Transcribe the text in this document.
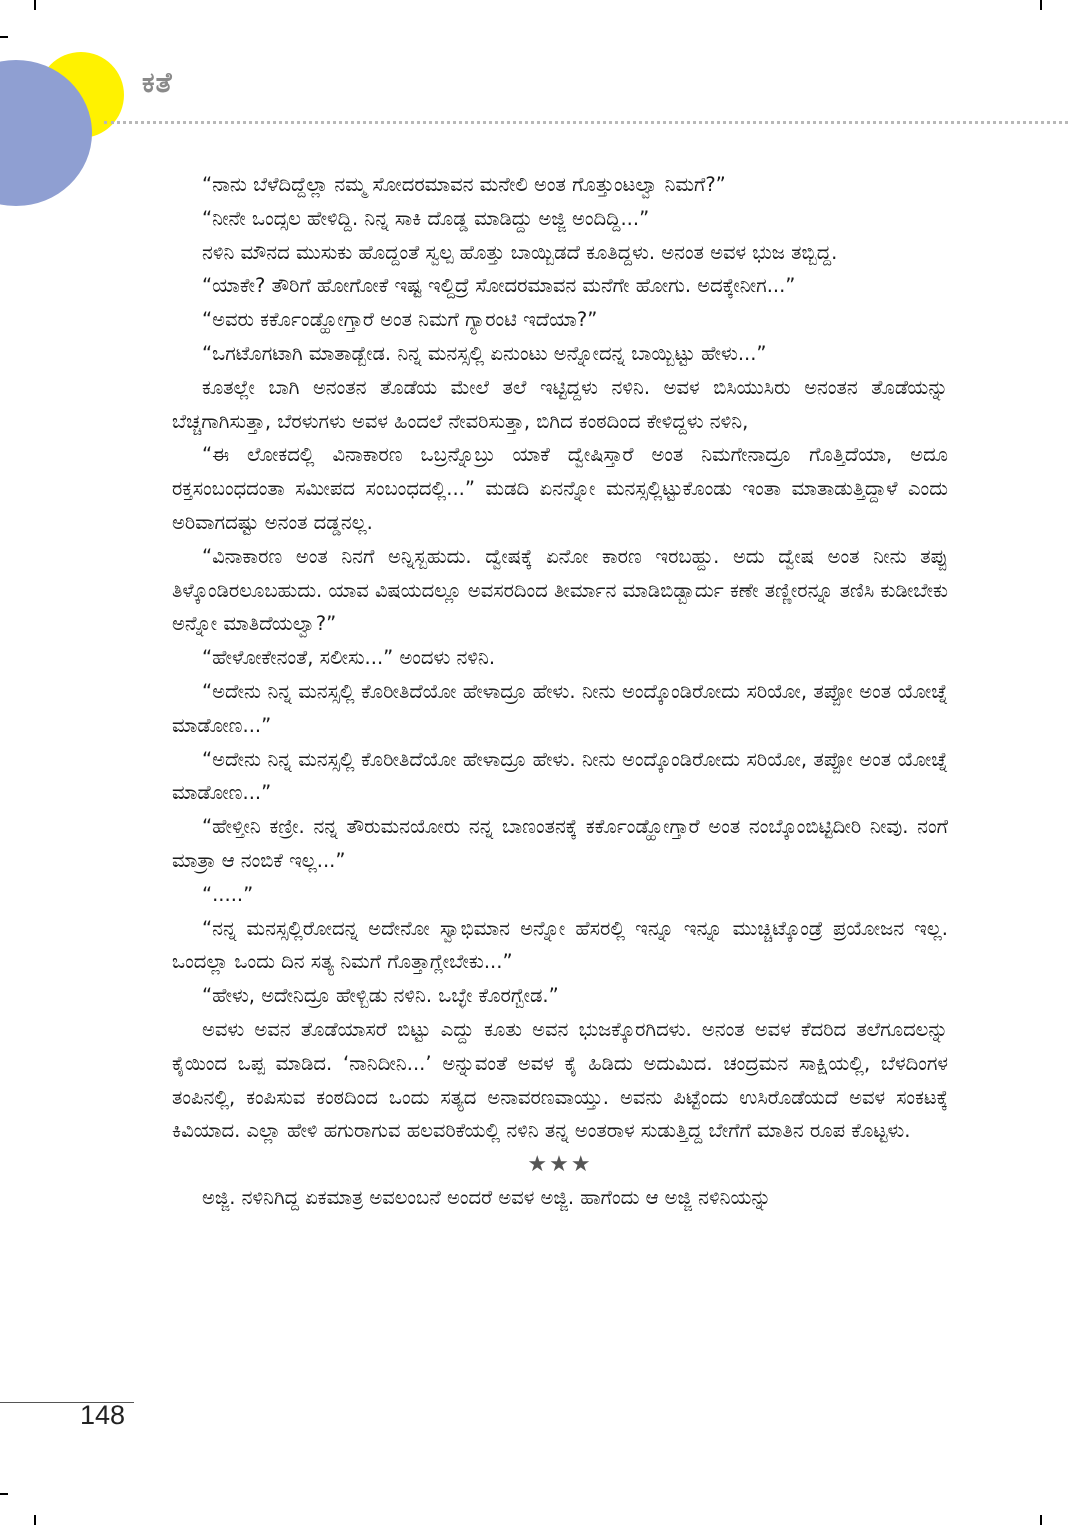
ಕತೆ

“ನಾನು ಬೆಳೆದಿದ್ದೆಲ್ಲಾ ನಮ್ಮ ಸೋದರಮಾವನ ಮನೇಲಿ ಅಂತ ಗೊತ್ತುಂಟಲ್ವಾ ನಿಮಗೆ?”

“ನೀನೇ ಒಂದ್ಸಲ ಹೇಳಿದ್ದಿ. ನಿನ್ನ ಸಾಕಿ ದೊಡ್ಡ ಮಾಡಿದ್ದು ಅಜ್ಜಿ ಅಂದಿದ್ದಿ...”

ನಳಿನಿ ಮೌನದ ಮುಸುಕು ಹೊದ್ದಂತೆ ಸ್ವಲ್ಪ ಹೊತ್ತು ಬಾಯ್ಬಿಡದೆ ಕೂತಿದ್ದಳು. ಅನಂತ ಅವಳ ಭುಜ ತಬ್ಬಿದ್ದ.

“ಯಾಕೇ? ತೌರಿಗೆ ಹೋಗೋಕೆ ಇಷ್ಟ ಇಲ್ದಿದ್ರೆ ಸೋದರಮಾವನ ಮನೆಗೇ ಹೋಗು. ಅದಕ್ಕೇನೀಗ...”

“ಅವರು ಕರ್ಕೊಂಡ್ಹೋಗ್ತಾರೆ ಅಂತ ನಿಮಗೆ ಗ್ಯಾರಂಟಿ ಇದೆಯಾ?”

“ಒಗಟೊಗಟಾಗಿ ಮಾತಾಡ್ಬೇಡ. ನಿನ್ನ ಮನಸ್ಸಲ್ಲಿ ಏನುಂಟು ಅನ್ನೋದನ್ನ ಬಾಯ್ಬಿಟ್ಟು ಹೇಳು...”

ಕೂತಲ್ಲೇ ಬಾಗಿ ಅನಂತನ ತೊಡೆಯ ಮೇಲೆ ತಲೆ ಇಟ್ಟಿದ್ದಳು ನಳಿನಿ. ಅವಳ ಬಿಸಿಯುಸಿರು ಅನಂತನ ತೊಡೆಯನ್ನು ಬೆಚ್ಚಗಾಗಿಸುತ್ತಾ, ಬೆರಳುಗಳು ಅವಳ ಹಿಂದಲೆ ನೇವರಿಸುತ್ತಾ, ಬಿಗಿದ ಕಂಠದಿಂದ ಕೇಳಿದ್ದಳು ನಳಿನಿ,

“ಈ ಲೋಕದಲ್ಲಿ ವಿನಾಕಾರಣ ಒಬ್ರನ್ನೊಬ್ರು ಯಾಕೆ ದ್ವೇಷಿಸ್ತಾರೆ ಅಂತ ನಿಮಗೇನಾದ್ರೂ ಗೊತ್ತಿದೆಯಾ, ಅದೂ ರಕ್ತಸಂಬಂಧದಂತಾ ಸಮೀಪದ ಸಂಬಂಧದಲ್ಲಿ...” ಮಡದಿ ಏನನ್ನೋ ಮನಸ್ಸಲ್ಲಿಟ್ಟುಕೊಂಡು ಇಂತಾ ಮಾತಾಡುತ್ತಿದ್ದಾಳೆ ಎಂದು ಅರಿವಾಗದಷ್ಟು ಅನಂತ ದಡ್ಡನಲ್ಲ.

“ವಿನಾಕಾರಣ ಅಂತ ನಿನಗೆ ಅನ್ನಿಸ್ಬಹುದು. ದ್ವೇಷಕ್ಕೆ ಏನೋ ಕಾರಣ ಇರಬಹ್ದು. ಅದು ದ್ವೇಷ ಅಂತ ನೀನು ತಪ್ಪು ತಿಳ್ಕೊಂಡಿರಲೂಬಹುದು. ಯಾವ ವಿಷಯದಲ್ಲೂ ಅವಸರದಿಂದ ತೀರ್ಮಾನ ಮಾಡಿಬಿಡ್ಬಾರ್ದು ಕಣೇ ತಣ್ಣೀರನ್ನೂ ತಣಿಸಿ ಕುಡೀಬೇಕು ಅನ್ನೋ ಮಾತಿದೆಯಲ್ವಾ?”

“ಹೇಳೋಕೇನಂತೆ, ಸಲೀಸು...” ಅಂದಳು ನಳಿನಿ.

“ಅದೇನು ನಿನ್ನ ಮನಸ್ಸಲ್ಲಿ ಕೊರೀತಿದೆಯೋ ಹೇಳಾದ್ರೂ ಹೇಳು. ನೀನು ಅಂದ್ಕೊಂಡಿರೋದು ಸರಿಯೋ, ತಪ್ಪೋ ಅಂತ ಯೋಚ್ನೆ ಮಾಡೋಣ...”

“ಅದೇನು ನಿನ್ನ ಮನಸ್ಸಲ್ಲಿ ಕೊರೀತಿದೆಯೋ ಹೇಳಾದ್ರೂ ಹೇಳು. ನೀನು ಅಂದ್ಕೊಂಡಿರೋದು ಸರಿಯೋ, ತಪ್ಪೋ ಅಂತ ಯೋಚ್ನೆ ಮಾಡೋಣ...”

“ಹೇಳ್ತೀನಿ ಕಣ್ರೀ. ನನ್ನ ತೌರುಮನಯೋರು ನನ್ನ ಬಾಣಂತನಕ್ಕೆ ಕರ್ಕೊಂಡ್ಹೋಗ್ತಾರೆ ಅಂತ ನಂಬ್ಕೊಂಬಿಟ್ಟಿದೀರಿ ನೀವು. ನಂಗೆ ಮಾತ್ರಾ ಆ ನಂಬಿಕೆ ಇಲ್ಲ...”

“.....”

“ನನ್ನ ಮನಸ್ಸಲ್ಲಿರೋದನ್ನ ಅದೇನೋ ಸ್ವಾಭಿಮಾನ ಅನ್ನೋ ಹೆಸರಲ್ಲಿ ಇನ್ನೂ ಇನ್ನೂ ಮುಚ್ಚಿಟ್ಕೊಂಡ್ರೆ ಪ್ರಯೋಜನ ಇಲ್ಲ. ಒಂದಲ್ಲಾ ಒಂದು ದಿನ ಸತ್ಯ ನಿಮಗೆ ಗೊತ್ತಾಗ್ಲೇಬೇಕು...”

“ಹೇಳು, ಅದೇನಿದ್ರೂ ಹೇಳ್ಬಿಡು ನಳಿನಿ. ಒಬ್ಳೇ ಕೊರಗ್ಬೇಡ.”

ಅವಳು ಅವನ ತೊಡೆಯಾಸರೆ ಬಿಟ್ಟು ಎದ್ದು ಕೂತು ಅವನ ಭುಜಕ್ಕೊರಗಿದಳು. ಅನಂತ ಅವಳ ಕೆದರಿದ ತಲೆಗೂದಲನ್ನು ಕೈಯಿಂದ ಒಪ್ಪ ಮಾಡಿದ. ‘ನಾನಿದೀನಿ...’ ಅನ್ನುವಂತೆ ಅವಳ ಕೈ ಹಿಡಿದು ಅದುಮಿದ. ಚಂದ್ರಮನ ಸಾಕ್ಷಿಯಲ್ಲಿ, ಬೆಳದಿಂಗಳ ತಂಪಿನಲ್ಲಿ, ಕಂಪಿಸುವ ಕಂಠದಿಂದ ಒಂದು ಸತ್ಯದ ಅನಾವರಣವಾಯ್ತು. ಅವನು ಪಿಟ್ಟೆಂದು ಉಸಿರೊಡೆಯದೆ ಅವಳ ಸಂಕಟಕ್ಕೆ ಕಿವಿಯಾದ. ಎಲ್ಲಾ ಹೇಳಿ ಹಗುರಾಗುವ ಹಲವರಿಕೆಯಲ್ಲಿ ನಳಿನಿ ತನ್ನ ಅಂತರಾಳ ಸುಡುತ್ತಿದ್ದ ಬೇಗೆಗೆ ಮಾತಿನ ರೂಪ ಕೊಟ್ಟಳು.

★★★

ಅಜ್ಜಿ. ನಳಿನಿಗಿದ್ದ ಏಕಮಾತ್ರ ಅವಲಂಬನೆ ಅಂದರೆ ಅವಳ ಅಜ್ಜಿ. ಹಾಗೆಂದು ಆ ಅಜ್ಜಿ ನಳಿನಿಯನ್ನು

148
